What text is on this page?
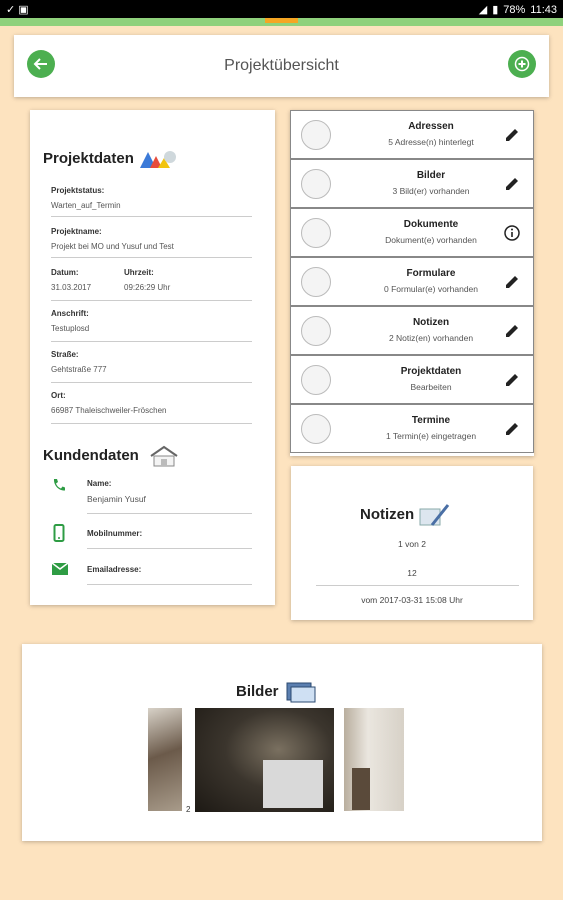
✓ ▣	◢ ▮ 78% 11:43
Projektübersicht
Projektdaten
Projektstatus:
Warten_auf_Termin
Projektname:
Projekt bei MO und Yusuf und Test
Datum:
31.03.2017
Uhrzeit:
09:26:29 Uhr
Anschrift:
Testuplosd
Straße:
Gehtstraße 777
Ort:
66987 Thaleischweiler-Fröschen
Kundendaten
Name:
Benjamin Yusuf
Mobilnummer:
Emailadresse:
Adressen
5 Adresse(n) hinterlegt
Bilder
3 Bild(er) vorhanden
Dokumente
Dokument(e) vorhanden
Formulare
0 Formular(e) vorhanden
Notizen
2 Notiz(en) vorhanden
Projektdaten
Bearbeiten
Termine
1 Termin(e) eingetragen
Notizen
1 von 2
12
vom 2017-03-31 15:08 Uhr
Bilder
2
